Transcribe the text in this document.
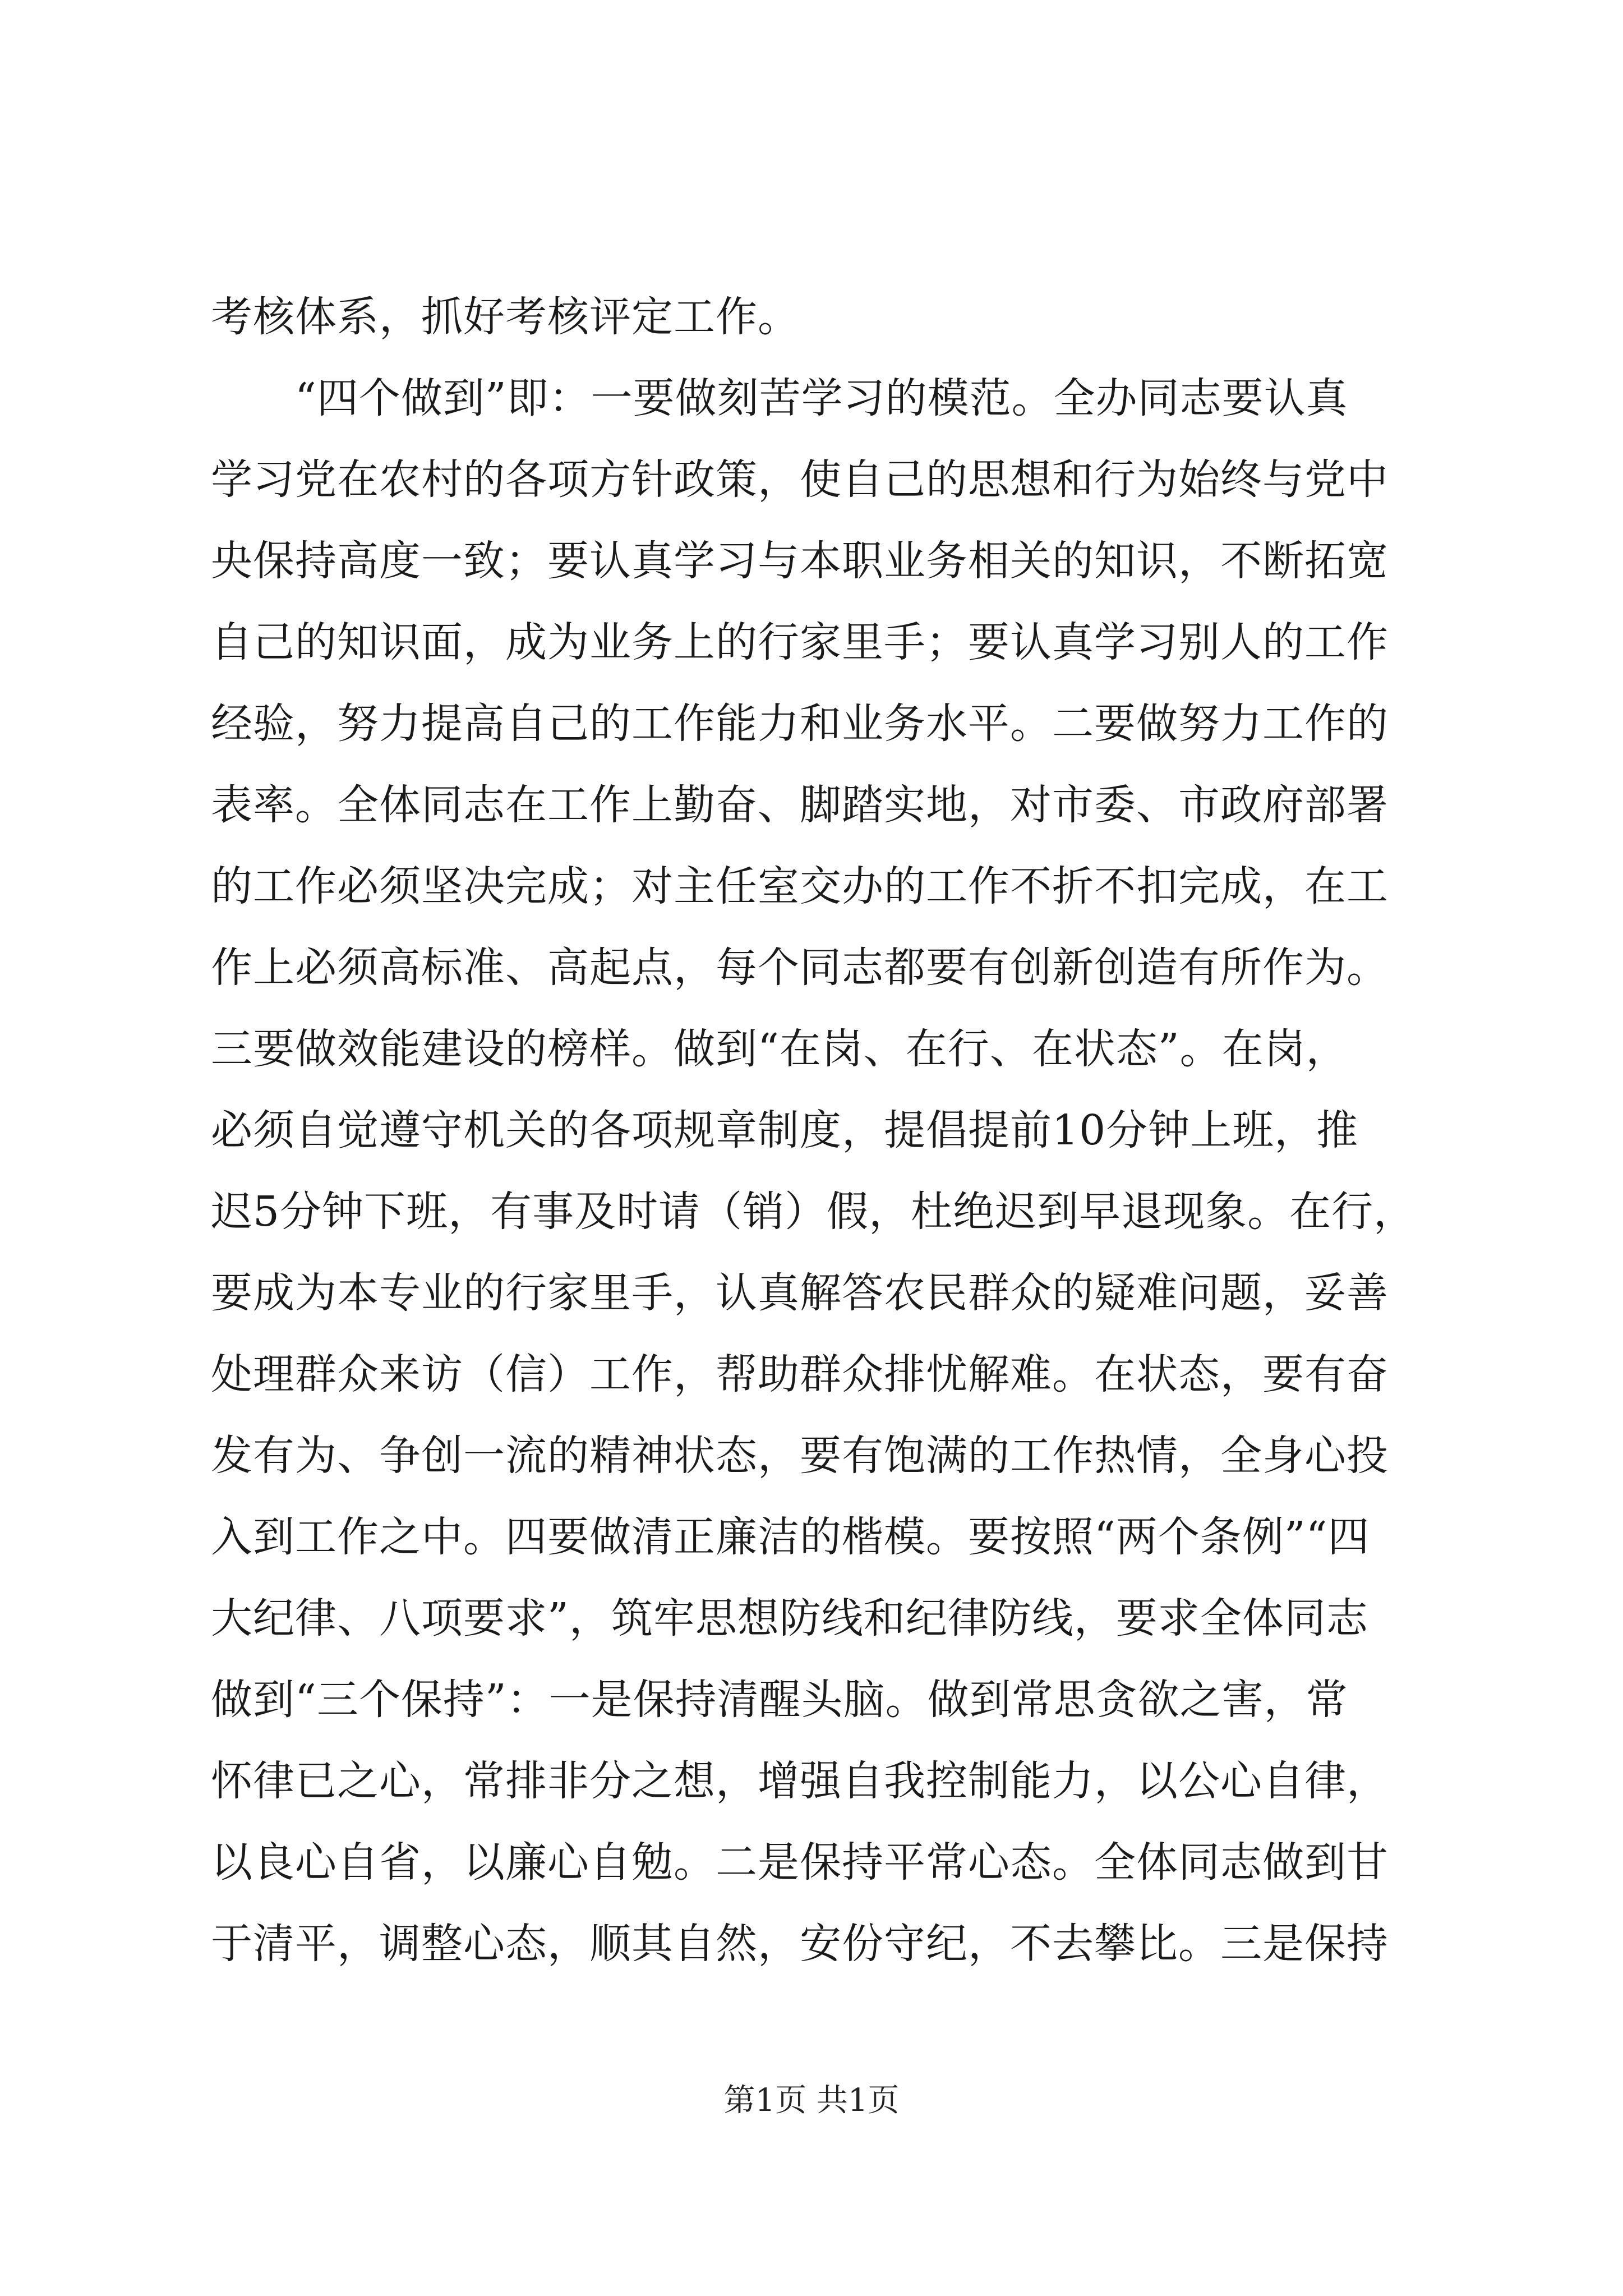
考核体系，抓好考核评定工作。
　　“四个做到”即：一要做刻苦学习的模范。全办同志要认真
学习党在农村的各项方针政策，使自己的思想和行为始终与党中
央保持高度一致；要认真学习与本职业务相关的知识，不断拓宽
自己的知识面，成为业务上的行家里手；要认真学习别人的工作
经验，努力提高自己的工作能力和业务水平。二要做努力工作的
表率。全体同志在工作上勤奋、脚踏实地，对市委、市政府部署
的工作必须坚决完成；对主任室交办的工作不折不扣完成，在工
作上必须高标准、高起点，每个同志都要有创新创造有所作为。
三要做效能建设的榜样。做到“在岗、在行、在状态”。在岗，
必须自觉遵守机关的各项规章制度，提倡提前10分钟上班，推
迟5分钟下班，有事及时请（销）假，杜绝迟到早退现象。在行，
要成为本专业的行家里手，认真解答农民群众的疑难问题，妥善
处理群众来访（信）工作，帮助群众排忧解难。在状态，要有奋
发有为、争创一流的精神状态，要有饱满的工作热情，全身心投
入到工作之中。四要做清正廉洁的楷模。要按照“两个条例”“四
大纪律、八项要求”，筑牢思想防线和纪律防线，要求全体同志
做到“三个保持”：一是保持清醒头脑。做到常思贪欲之害，常
怀律已之心，常排非分之想，增强自我控制能力，以公心自律，
以良心自省，以廉心自勉。二是保持平常心态。全体同志做到甘
于清平，调整心态，顺其自然，安份守纪，不去攀比。三是保持
第1页 共1页
